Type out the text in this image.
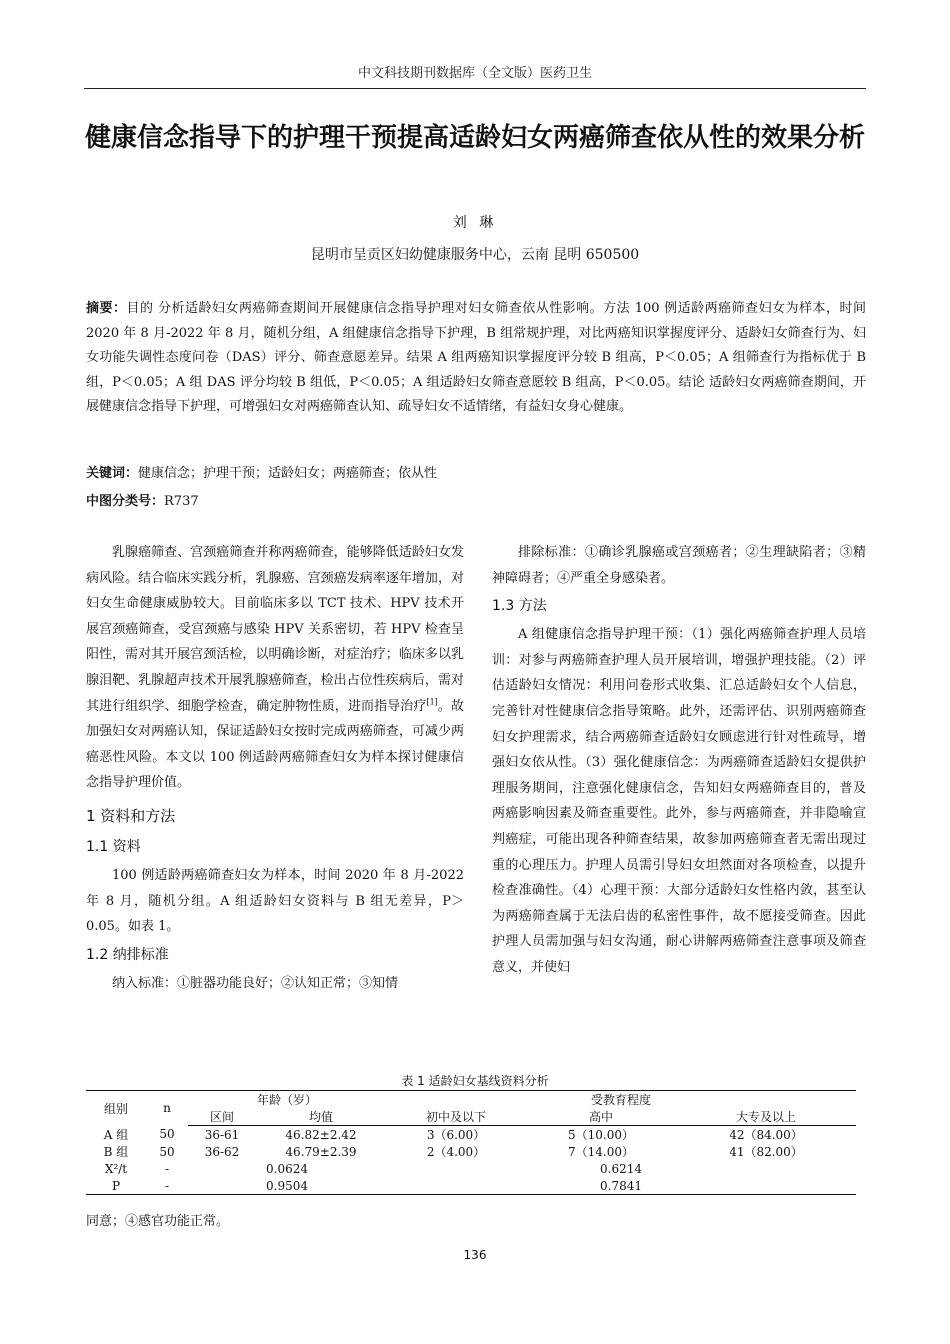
中文科技期刊数据库（全文版）医药卫生
健康信念指导下的护理干预提高适龄妇女两癌筛查依从性的效果分析
刘 琳
昆明市呈贡区妇幼健康服务中心，云南 昆明 650500
摘要：目的 分析适龄妇女两癌筛查期间开展健康信念指导护理对妇女筛查依从性影响。方法 100 例适龄两癌筛查妇女为样本，时间 2020 年 8 月-2022 年 8 月，随机分组，A 组健康信念指导下护理，B 组常规护理，对比两癌知识掌握度评分、适龄妇女筛查行为、妇女功能失调性态度问卷（DAS）评分、筛查意愿差异。结果 A 组两癌知识掌握度评分较 B 组高，P＜0.05；A 组筛查行为指标优于 B 组，P＜0.05；A 组 DAS 评分均较 B 组低，P＜0.05；A 组适龄妇女筛查意愿较 B 组高，P＜0.05。结论 适龄妇女两癌筛查期间，开展健康信念指导下护理，可增强妇女对两癌筛查认知、疏导妇女不适情绪，有益妇女身心健康。
关键词：健康信念；护理干预；适龄妇女；两癌筛查；依从性
中图分类号：R737

乳腺癌筛查、宫颈癌筛查并称两癌筛查，能够降低适龄妇女发病风险。结合临床实践分析，乳腺癌、宫颈癌发病率逐年增加，对妇女生命健康威胁较大。目前临床多以 TCT 技术、HPV 技术开展宫颈癌筛查，受宫颈癌与感染 HPV 关系密切，若 HPV 检查呈阳性，需对其开展宫颈活检，以明确诊断，对症治疗；临床多以乳腺泪靶、乳腺超声技术开展乳腺癌筛查，检出占位性疾病后，需对其进行组织学、细胞学检查，确定肿物性质，进而指导治疗[1]。故加强妇女对两癌认知，保证适龄妇女按时完成两癌筛查，可减少两癌恶性风险。本文以 100 例适龄两癌筛查妇女为样本探讨健康信念指导护理价值。

1 资料和方法
1.1 资料

100 例适龄两癌筛查妇女为样本，时间 2020 年 8 月-2022 年 8 月，随机分组。A 组适龄妇女资料与 B 组无差异，P＞0.05。如表 1。

1.2 纳排标准

纳入标准：①脏器功能良好；②认知正常；③知情

排除标准：①确诊乳腺癌或宫颈癌者；②生理缺陷者；③精神障碍者；④严重全身感染者。

1.3 方法

A 组健康信念指导护理干预：（1）强化两癌筛查护理人员培训：对参与两癌筛查护理人员开展培训，增强护理技能。（2）评估适龄妇女情况：利用问卷形式收集、汇总适龄妇女个人信息，完善针对性健康信念指导策略。此外，还需评估、识别两癌筛查妇女护理需求，结合两癌筛查适龄妇女顾虑进行针对性疏导，增强妇女依从性。（3）强化健康信念：为两癌筛查适龄妇女提供护理服务期间，注意强化健康信念，告知妇女两癌筛查目的，普及两癌影响因素及筛查重要性。此外，参与两癌筛查，并非隐喻宣判癌症，可能出现各种筛查结果，故参加两癌筛查者无需出现过重的心理压力。护理人员需引导妇女坦然面对各项检查，以提升检查准确性。（4）心理干预：大部分适龄妇女性格内敛，甚至认为两癌筛查属于无法启齿的私密性事件，故不愿接受筛查。因此护理人员需加强与妇女沟通，耐心讲解两癌筛查注意事项及筛查意义，并使妇

表 1 适龄妇女基线资料分析
组别	n	年龄（岁）		受教育程度		
		区间	均值	初中及以下	高中	大专及以上
A 组	50	36-61	46.82±2.42	3（6.00）	5（10.00）	42（84.00）
B 组	50	36-62	46.79±2.39	2（4.00）	7（14.00）	41（82.00）
X²/t	-	0.0624		0.6214		
P	-	0.9504		0.7841		
同意；④感官功能正常。
136
